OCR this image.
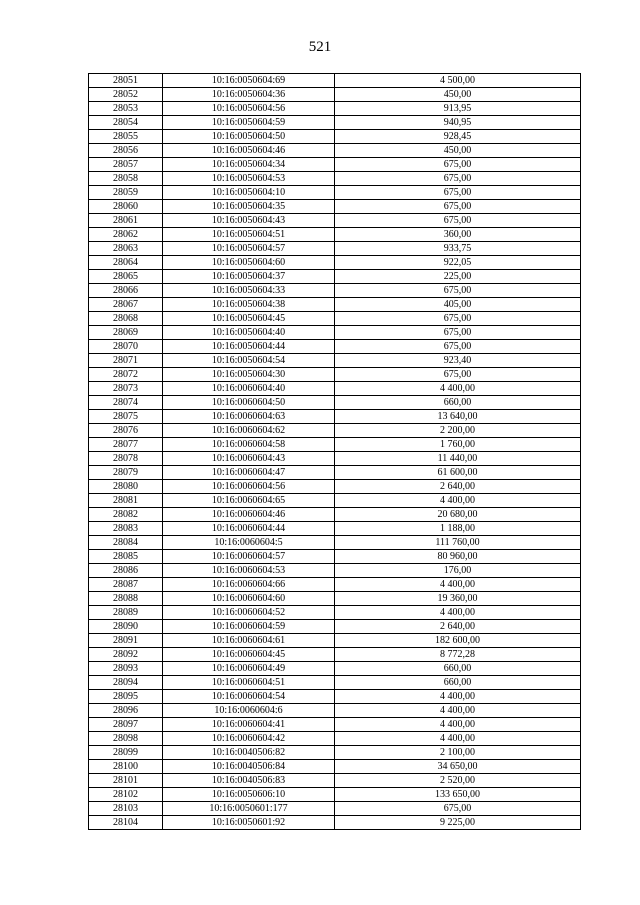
521
28051	10:16:0050604:69	4 500,00
28052	10:16:0050604:36	450,00
28053	10:16:0050604:56	913,95
28054	10:16:0050604:59	940,95
28055	10:16:0050604:50	928,45
28056	10:16:0050604:46	450,00
28057	10:16:0050604:34	675,00
28058	10:16:0050604:53	675,00
28059	10:16:0050604:10	675,00
28060	10:16:0050604:35	675,00
28061	10:16:0050604:43	675,00
28062	10:16:0050604:51	360,00
28063	10:16:0050604:57	933,75
28064	10:16:0050604:60	922,05
28065	10:16:0050604:37	225,00
28066	10:16:0050604:33	675,00
28067	10:16:0050604:38	405,00
28068	10:16:0050604:45	675,00
28069	10:16:0050604:40	675,00
28070	10:16:0050604:44	675,00
28071	10:16:0050604:54	923,40
28072	10:16:0050604:30	675,00
28073	10:16:0060604:40	4 400,00
28074	10:16:0060604:50	660,00
28075	10:16:0060604:63	13 640,00
28076	10:16:0060604:62	2 200,00
28077	10:16:0060604:58	1 760,00
28078	10:16:0060604:43	11 440,00
28079	10:16:0060604:47	61 600,00
28080	10:16:0060604:56	2 640,00
28081	10:16:0060604:65	4 400,00
28082	10:16:0060604:46	20 680,00
28083	10:16:0060604:44	1 188,00
28084	10:16:0060604:5	111 760,00
28085	10:16:0060604:57	80 960,00
28086	10:16:0060604:53	176,00
28087	10:16:0060604:66	4 400,00
28088	10:16:0060604:60	19 360,00
28089	10:16:0060604:52	4 400,00
28090	10:16:0060604:59	2 640,00
28091	10:16:0060604:61	182 600,00
28092	10:16:0060604:45	8 772,28
28093	10:16:0060604:49	660,00
28094	10:16:0060604:51	660,00
28095	10:16:0060604:54	4 400,00
28096	10:16:0060604:6	4 400,00
28097	10:16:0060604:41	4 400,00
28098	10:16:0060604:42	4 400,00
28099	10:16:0040506:82	2 100,00
28100	10:16:0040506:84	34 650,00
28101	10:16:0040506:83	2 520,00
28102	10:16:0050606:10	133 650,00
28103	10:16:0050601:177	675,00
28104	10:16:0050601:92	9 225,00
